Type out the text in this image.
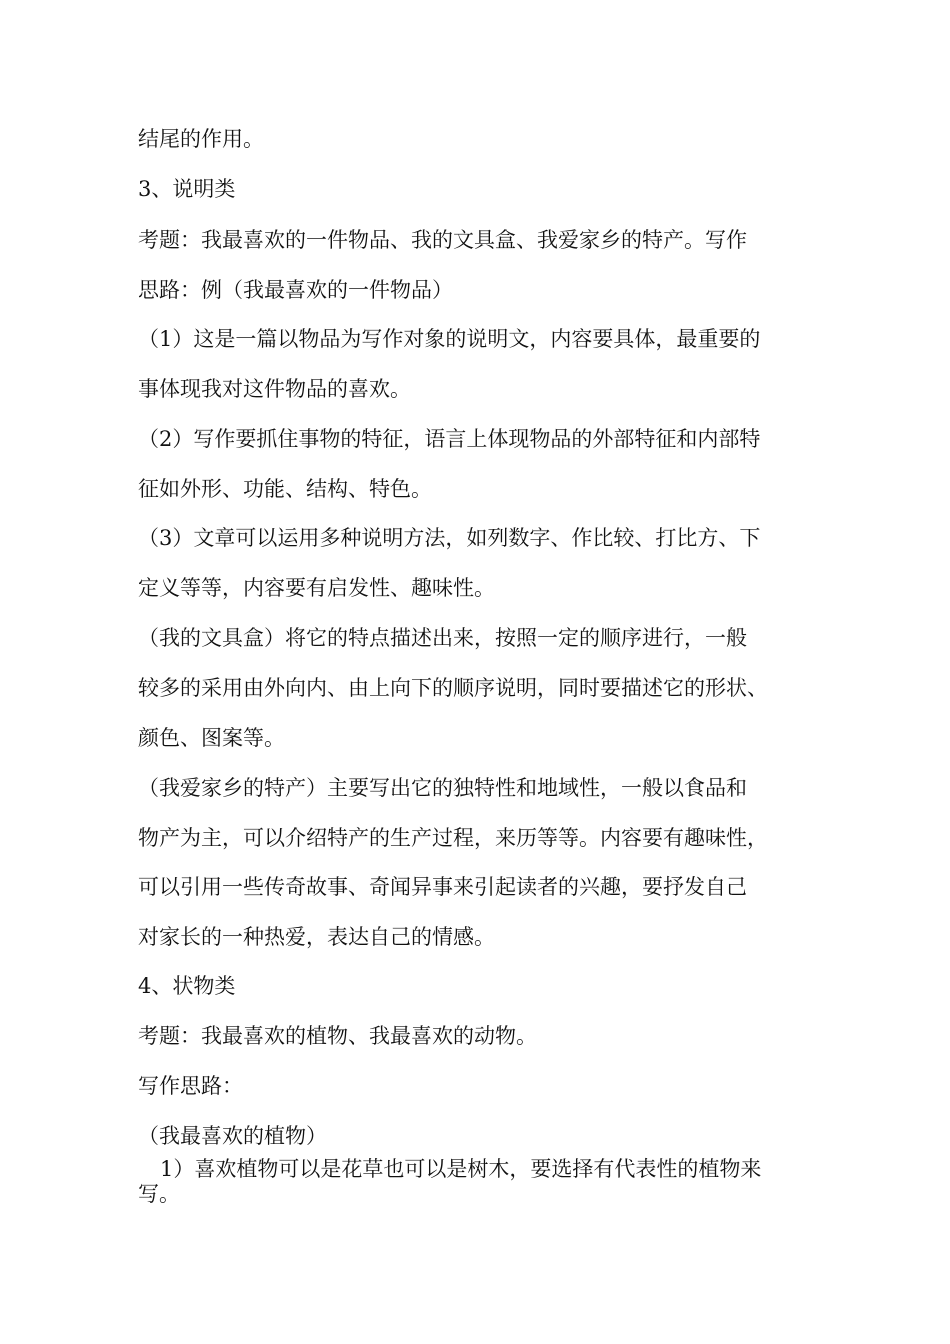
结尾的作用。
3、说明类
考题：我最喜欢的一件物品、我的文具盒、我爱家乡的特产。写作
思路：例（我最喜欢的一件物品）
（1）这是一篇以物品为写作对象的说明文，内容要具体，最重要的
事体现我对这件物品的喜欢。
（2）写作要抓住事物的特征，语言上体现物品的外部特征和内部特
征如外形、功能、结构、特色。
（3）文章可以运用多种说明方法，如列数字、作比较、打比方、下
定义等等，内容要有启发性、趣味性。
（我的文具盒）将它的特点描述出来，按照一定的顺序进行，一般
较多的采用由外向内、由上向下的顺序说明，同时要描述它的形状、
颜色、图案等。
（我爱家乡的特产）主要写出它的独特性和地域性，一般以食品和
物产为主，可以介绍特产的生产过程，来历等等。内容要有趣味性，
可以引用一些传奇故事、奇闻异事来引起读者的兴趣，要抒发自己
对家长的一种热爱，表达自己的情感。
4、状物类
考题：我最喜欢的植物、我最喜欢的动物。
写作思路：
（我最喜欢的植物）
1）喜欢植物可以是花草也可以是树木，要选择有代表性的植物来
写。
